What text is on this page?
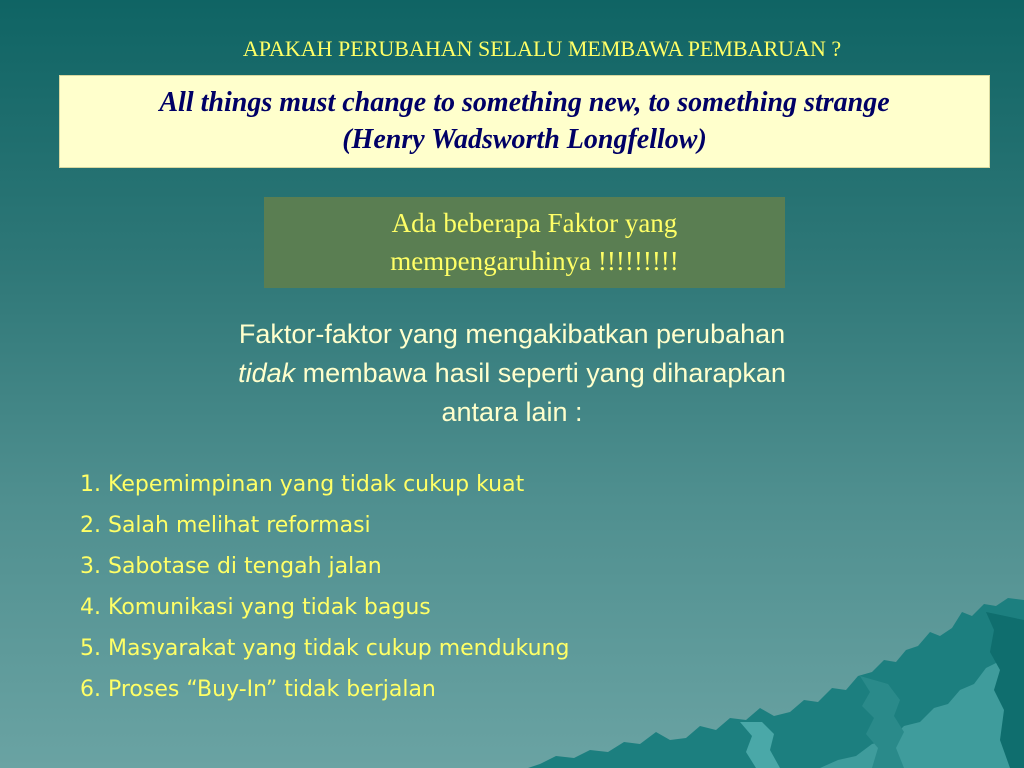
APAKAH PERUBAHAN SELALU MEMBAWA PEMBARUAN ?
All things must change to something new, to something strange
(Henry Wadsworth Longfellow)
Ada beberapa Faktor yang
mempengaruhinya !!!!!!!!!
Faktor-faktor yang mengakibatkan perubahan
tidak membawa hasil seperti yang diharapkan
antara lain :
1. Kepemimpinan yang tidak cukup kuat
2. Salah melihat reformasi
3. Sabotase di tengah jalan
4. Komunikasi yang tidak bagus
5. Masyarakat yang tidak cukup mendukung
6. Proses “Buy-In” tidak berjalan
